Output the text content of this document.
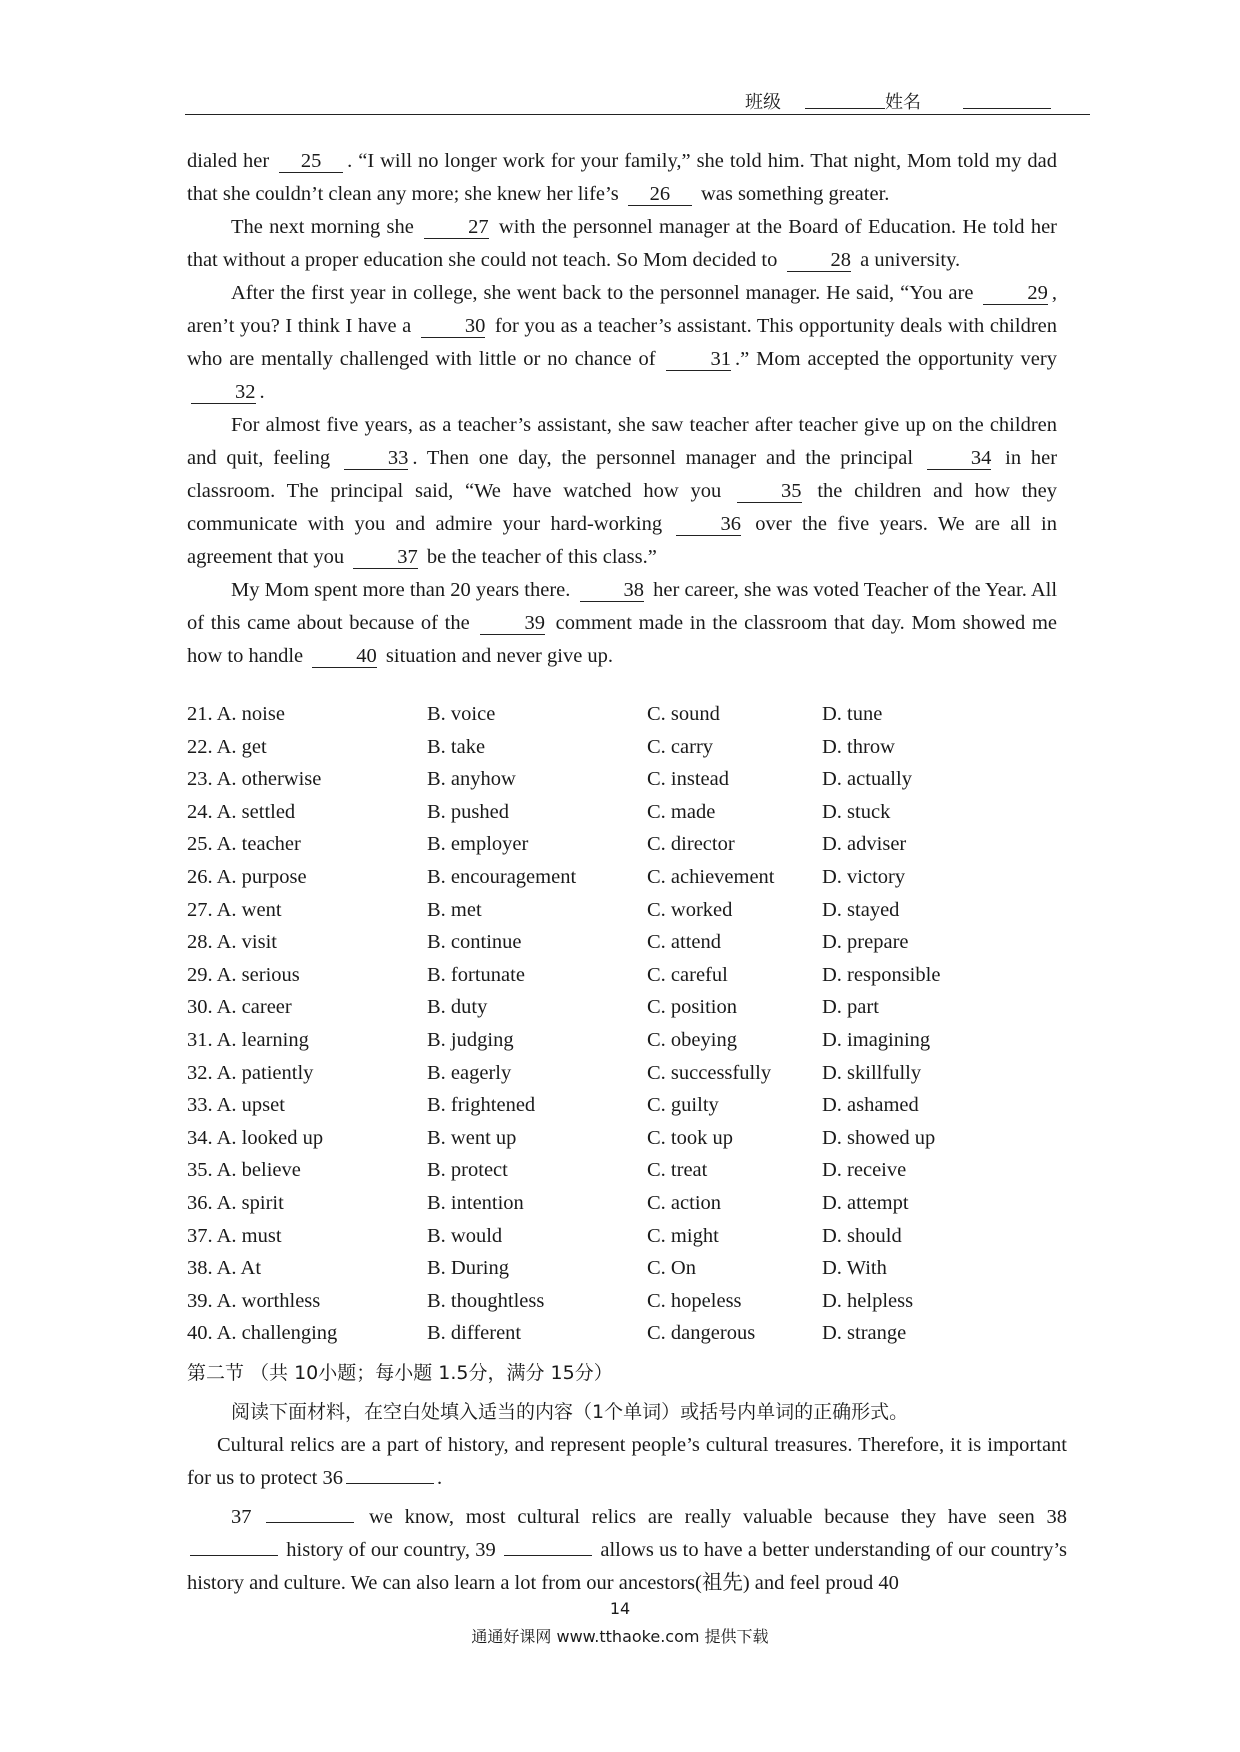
班级	姓名

dialed her 25 . “I will no longer work for your family,” she told him. That night, Mom told my dad that she couldn’t clean any more; she knew her life’s 26 was something greater.

The next morning she	27 with the personnel manager at the Board of Education. He told her that without a proper education she could not teach. So Mom decided to	28 a university.

After the first year in college, she went back to the personnel manager. He said, “You are	29 , aren’t you? I think I have a	30 for you as a teacher’s assistant. This opportunity deals with children who are mentally challenged with little or no chance of	31 .” Mom accepted the opportunity very 32 .

For almost five years, as a teacher’s assistant, she saw teacher after teacher give up on the children and quit, feeling	33 . Then one day, the personnel manager and the principal	34 in her classroom. The principal said, “We have watched how you	35 the children and how they communicate with you and admire your hard-working	36 over the five years. We are all in agreement that you	37 be the teacher of this class.”

My Mom spent more than 20 years there.	38 her career, she was voted Teacher of the Year. All of this came about because of the	39 comment made in the classroom that day. Mom showed me how to handle	40 situation and never give up.

21. A. noise	B. voice	C. sound	D. tune
22. A. get	B. take	C. carry	D. throw
23. A. otherwise	B. anyhow	C. instead	D. actually
24. A. settled	B. pushed	C. made	D. stuck
25. A. teacher	B. employer	C. director	D. adviser
26. A. purpose	B. encouragement	C. achievement D. victory
27. A. went	B. met	C. worked	D. stayed
28. A. visit	B. continue	C. attend	D. prepare
29. A. serious	B. fortunate	C. careful	D. responsible
30. A. career	B. duty	C. position	D. part
31. A. learning	B. judging	C. obeying	D. imagining
32. A. patiently	B. eagerly	C. successfully D. skillfully
33. A. upset	B. frightened	C. guilty	D. ashamed
34. A. looked up	B. went up	C. took up	D. showed up
35. A. believe	B. protect	C. treat	D. receive
36. A. spirit	B. intention	C. action	D. attempt
37. A. must	B. would	C. might	D. should
38. A. At	B. During	C. On	D. With
39. A. worthless	B. thoughtless	C. hopeless	D. helpless
40. A. challenging	B. different	C. dangerous	D. strange
第二节 （共 10小题；每小题 1.5分，满分 15分）
阅读下面材料，在空白处填入适当的内容（1个单词）或括号内单词的正确形式。

Cultural relics are a part of history, and represent people’s cultural treasures. Therefore, it is important for us to protect 36	.

37	we know, most cultural relics are really valuable because they have seen 38  history of our country, 39	allows us to have a better understanding of our country’s history and culture. We can also learn a lot from our ancestors(祖先) and feel proud 40

14
通通好课网 www.tthaoke.com 提供下载
